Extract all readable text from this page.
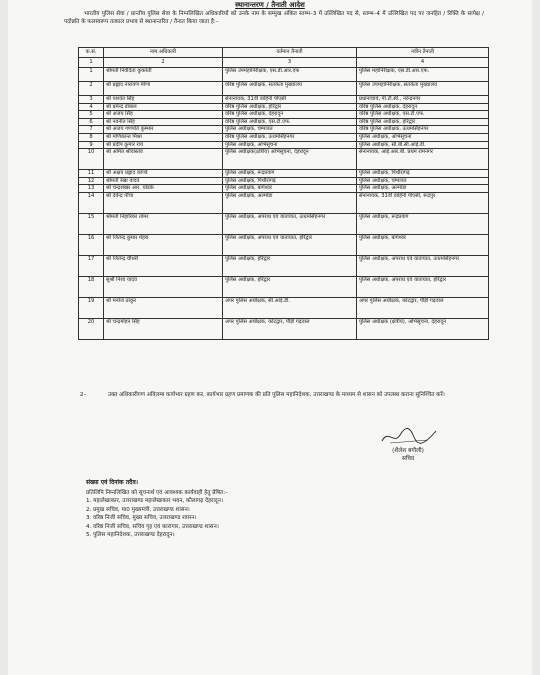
स्थानान्तरण / तैनाती आदेश
भारतीय पुलिस सेवा / प्रान्तीय पुलिस सेवा के निम्नलिखित अधिकारियों को उनके नाम के सम्मुख अंकित स्तम्भ–3 में उल्लिखित पद से, स्तम्भ–4 में उल्लिखित पद पर जनहित / रिक्ति के सापेक्ष / पदोन्नति के फलस्वरूप तत्काल प्रभाव से स्थानान्तरित / तैनात किया जाता है:–
क.सं.	नाम अधिकारी	वर्तमान तैनाती	नवीन तैनाती
1	2	3	4
1	श्रीमती निवेदिता कुकरेती	पुलिस उपमहानिरीक्षक, एस.डी.आर.एफ	पुलिस महानिरीक्षक, एस.डी.आर.एफ.
2	श्री प्रह्लाद नारायण मीणा	वरिष्ठ पुलिस अधीक्षक, सतर्कता मुख्यालय	पुलिस उपमहानिरीक्षक, सतर्कता मुख्यालय
3	श्री यशवंत सिंह	सेनानायक, 31वीं वाहिनी पीएसी	प्रधानाचार्य, पी.टी.सी., नरेन्द्रनगर
4	श्री प्रमेन्द्र डोबाल	वरिष्ठ पुलिस अधीक्षक, हरिद्वार	वरिष्ठ पुलिस अधीक्षक, देहरादून
5	श्री अजय सिंह	वरिष्ठ पुलिस अधीक्षक, देहरादून	वरिष्ठ पुलिस अधीक्षक, एस.टी.एफ.
6	श्री नवनीत सिंह	वरिष्ठ पुलिस अधीक्षक, एस.टी.एफ.	वरिष्ठ पुलिस अधीक्षक, हरिद्वार
7	श्री अजय गणपति कुम्भार	पुलिस अधीक्षक, चम्पावत	वरिष्ठ पुलिस अधीक्षक, ऊधमसिंहनगर
8	श्री मणिकान्त मिश्रा	वरिष्ठ पुलिस अधीक्षक, ऊधमसिंहनगर	पुलिस अधीक्षक, अभिसूचना
9	श्री प्रदीप कुमार राय	पुलिस अधीक्षक, अभिसूचना	पुलिस अधीक्षक, सी.बी.सी.आई.डी.
10	श्री अमित श्रीवास्तव	पुलिस अधीक्षक(क्षेत्रीय) अभिसूचना, देहरादून	सेनानायक, आई.आर.बी. प्रथम रामनगर
11	श्री अक्षय प्रह्लाद कोण्डे	पुलिस अधीक्षक, रूद्रप्रयाग	पुलिस अधीक्षक, पिथौरागढ़
12	श्रीमती रेखा यादव	पुलिस अधीक्षक, पिथौरागढ़	पुलिस अधीक्षक, चम्पावत
13	श्री चन्द्रशेखर आर. घोडके	पुलिस अधीक्षक, बागेश्वर	पुलिस अधीक्षक, अल्मोडा
14	श्री देवेन्द्र पींचा	पुलिस अधीक्षक, अल्मोडा	सेनानायक, 31वीं वाहिनी पीएसी, रूद्रपुर
15	श्रीमती निहारिका तोमर	पुलिस अधीक्षक, अपराध एवं यातायात, ऊधमसिंहनगर	पुलिस अधीक्षक, रूद्रप्रयाग
16	श्री जितेन्द्र कुमार मेहरा	पुलिस अधीक्षक, अपराध एवं यातायात, हरिद्वार	पुलिस अधीक्षक, बागेश्वर
17	श्री जितेन्द्र चौधरी	पुलिस अधीक्षक, हरिद्वार	पुलिस अधीक्षक, अपराध एवं यातायात, ऊधमसिंहनगर
18	सुश्री निशा यादव	पुलिस अधीक्षक, हरिद्वार	पुलिस अधीक्षक, अपराध एवं यातायात, हरिद्वार
19	श्री मनोज ठाकुर	अपर पुलिस अधीक्षक, सी.आई.डी.	अपर पुलिस अधीक्षक, कोटद्वार, पौड़ी गढ़वाल
20	श्री चन्द्रमोहन सिंह	अपर पुलिस अधीक्षक, कोटद्वार, पौड़ी गढ़वाल	पुलिस अधीक्षक (क्षेत्रीय), अभिसूचना, देहरादून
2–	उक्त अधिकारीगण अविलम्ब कार्यभार ग्रहण कर, कार्यभार ग्रहण प्रमाणक की प्रति पुलिस महानिदेशक, उत्तराखण्ड के माध्यम से शासन को उपलब्ध कराना सुनिश्चित करें।
(शैलेश बगौली)
सचिव
संख्या एवं दिनांक तदैव।
प्रतिलिपि निम्नलिखित को सूचनार्थ एवं आवश्यक कार्यवाही हेतु प्रेषित:–
1. महालेखाकार, उत्तराखण्ड महालेखाकार भवन, कौलागढ़ देहरादून।
2. प्रमुख सचिव, मा0 मुख्यमंत्री, उत्तराखण्ड शासन।
3. वरिष्ठ निजी सचिव, मुख्य सचिव, उत्तराखण्ड शासन।
4. वरिष्ठ निजी सचिव, सचिव गृह एवं कारागार, उत्तराखण्ड शासन।
5. पुलिस महानिदेशक, उत्तराखण्ड देहरादून।
